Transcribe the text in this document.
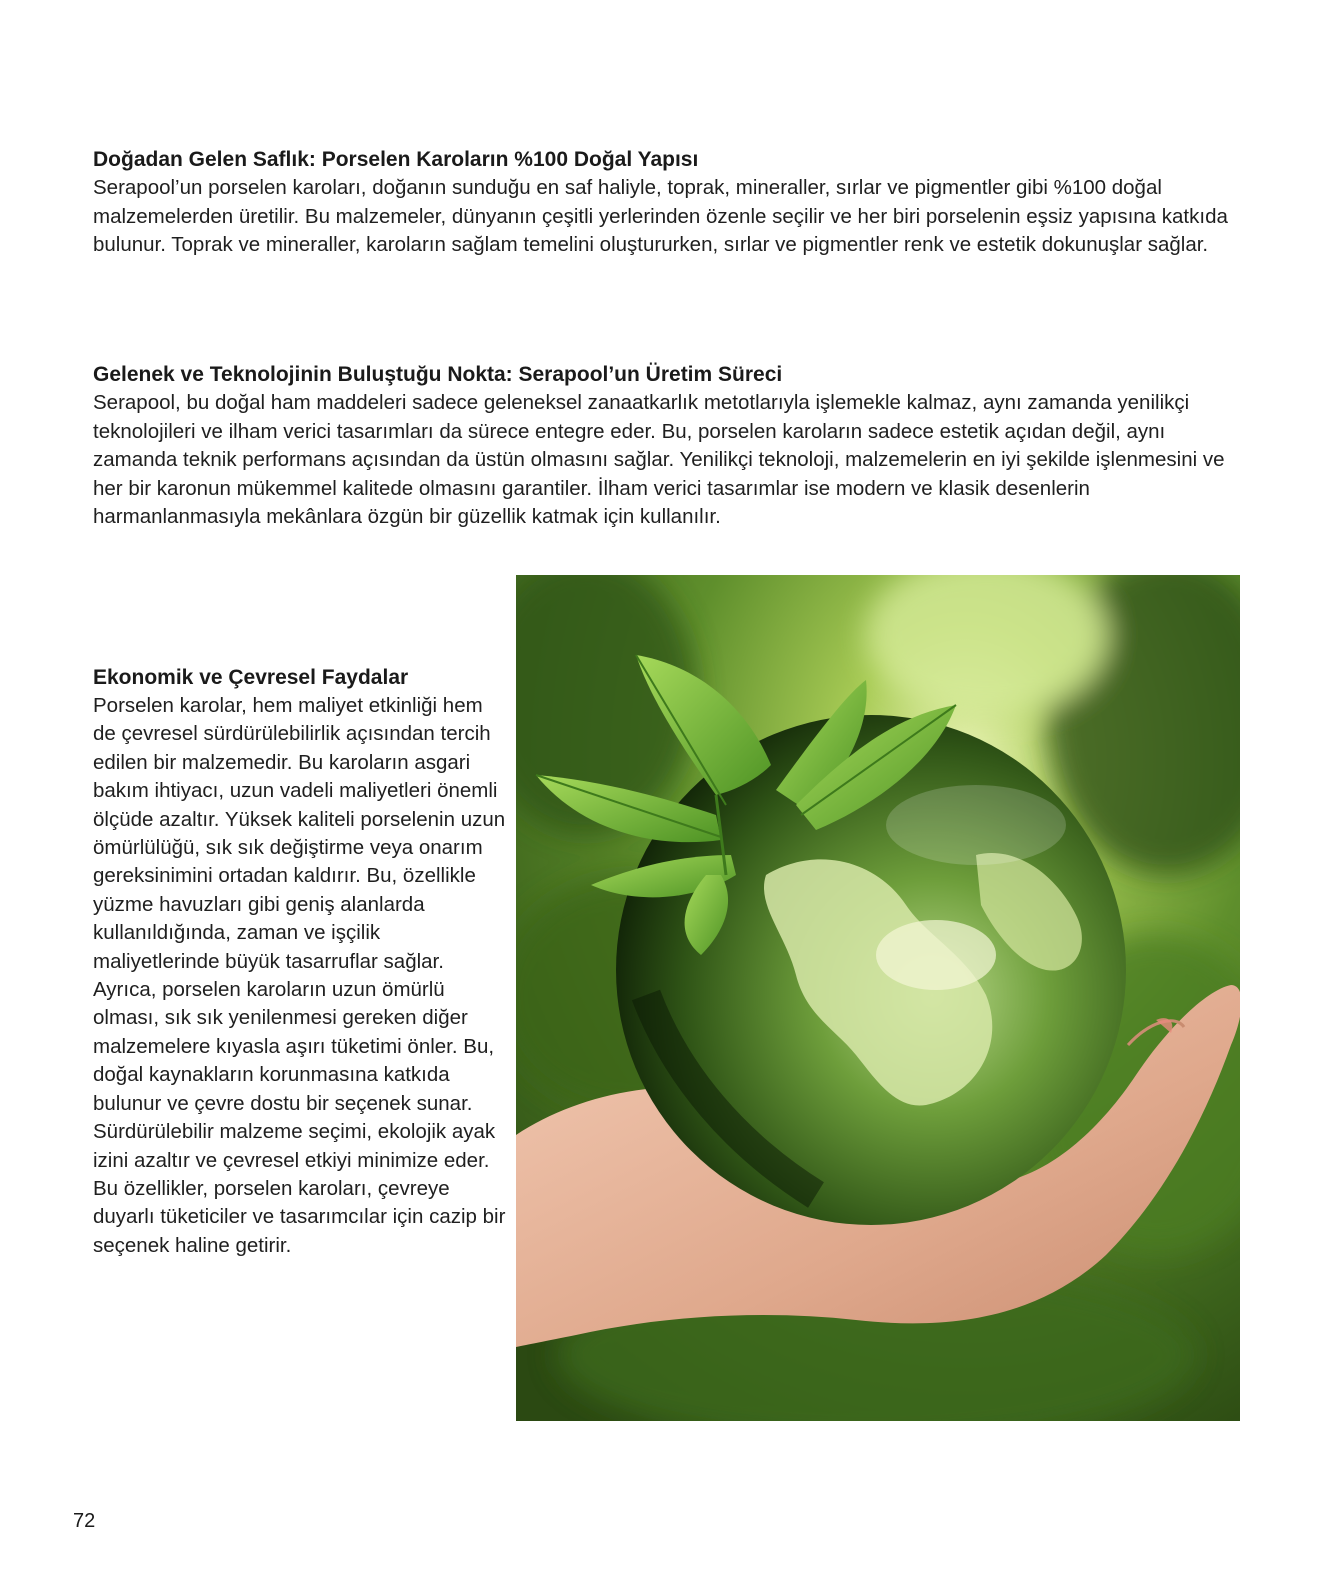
Doğadan Gelen Saflık: Porselen Karoların %100 Doğal Yapısı

Serapool’un porselen karoları, doğanın sunduğu en saf haliyle, toprak, mineraller, sırlar ve pigmentler gibi %100 doğal malzemelerden üretilir. Bu malzemeler, dünyanın çeşitli yerlerinden özenle seçilir ve her biri porselenin eşsiz yapısına katkıda bulunur. Toprak ve mineraller, karoların sağlam temelini oluştururken, sırlar ve pigmentler renk ve estetik dokunuşlar sağlar.

Gelenek ve Teknolojinin Buluştuğu Nokta: Serapool’un Üretim Süreci

Serapool, bu doğal ham maddeleri sadece geleneksel zanaatkarlık metotlarıyla işlemekle kalmaz, aynı zamanda yenilikçi teknolojileri ve ilham verici tasarımları da sürece entegre eder. Bu, porselen karoların sadece estetik açıdan değil, aynı zamanda teknik performans açısından da üstün olmasını sağlar. Yenilikçi teknoloji, malzemelerin en iyi şekilde işlenmesini ve her bir karonun mükemmel kalitede olmasını garantiler. İlham verici tasarımlar ise modern ve klasik desenlerin harmanlanmasıyla mekânlara özgün bir güzellik katmak için kullanılır.

Ekonomik ve Çevresel Faydalar

Porselen karolar, hem maliyet etkinliği hem de çevresel sürdürülebilirlik açısından tercih edilen bir malzemedir. Bu karoların asgari bakım ihtiyacı, uzun vadeli maliyetleri önemli ölçüde azaltır. Yüksek kaliteli porselenin uzun ömürlülüğü, sık sık değiştirme veya onarım gereksinimini ortadan kaldırır. Bu, özellikle yüzme havuzları gibi geniş alanlarda kullanıldığında, zaman ve işçilik maliyetlerinde büyük tasarruflar sağlar. Ayrıca, porselen karoların uzun ömürlü olması, sık sık yenilenmesi gereken diğer malzemelere kıyasla aşırı tüketimi önler. Bu, doğal kaynakların korunmasına katkıda bulunur ve çevre dostu bir seçenek sunar. Sürdürülebilir malzeme seçimi, ekolojik ayak izini azaltır ve çevresel etkiyi minimize eder. Bu özellikler, porselen karoları, çevreye duyarlı tüketiciler ve tasarımcılar için cazip bir seçenek haline getirir.

72
